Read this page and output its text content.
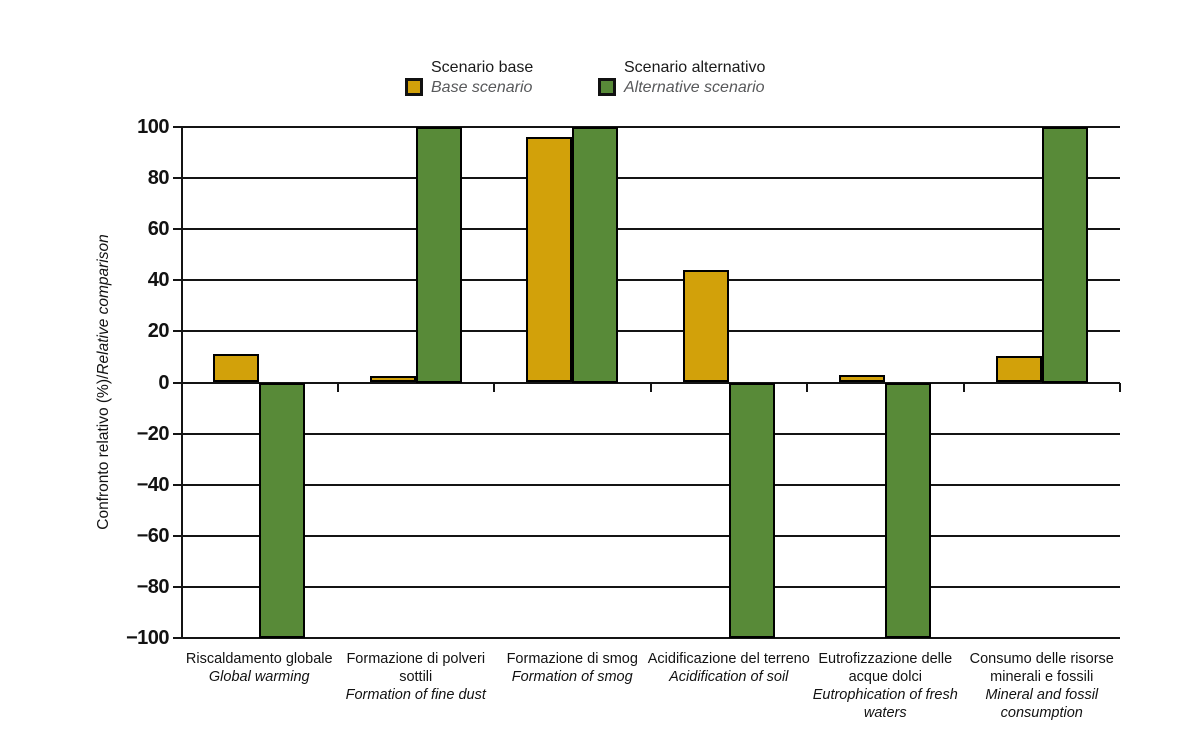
Scenario base
Base scenario
Scenario alternativo
Alternative scenario
Confronto relativo (%)/Relative comparison
100
80
60
40
20
0
−20
−40
−60
−80
−100
Riscaldamento globale
Global warming
Formazione di polveri sottili
Formation of fine dust
Formazione di smog
Formation of smog
Acidificazione del terreno
Acidification of soil
Eutrofizzazione delle acque dolci
Eutrophication of fresh waters
Consumo delle risorse minerali e fossili
Mineral and fossil consumption
